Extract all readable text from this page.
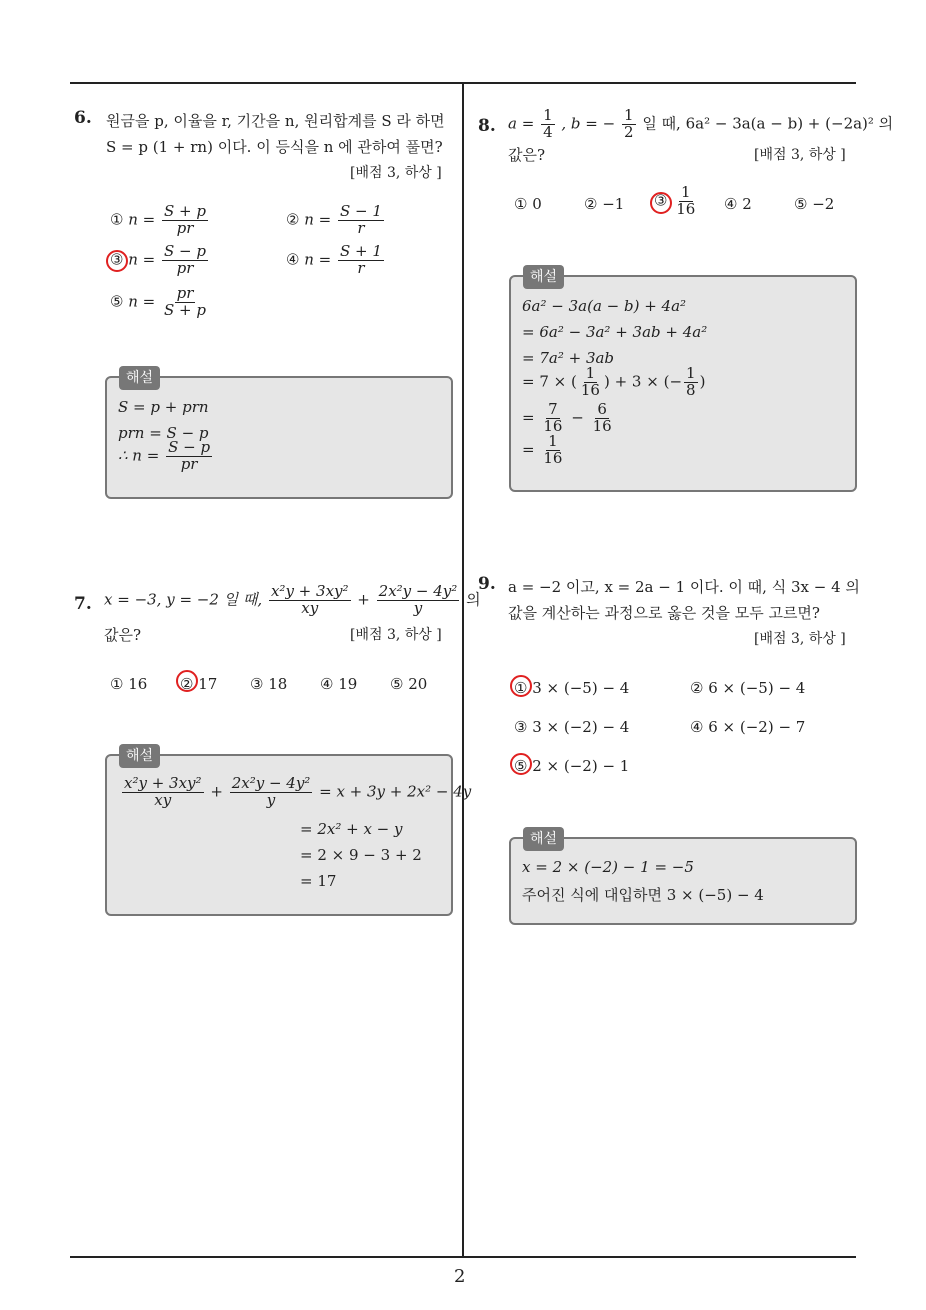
2
6. 원금을 p, 이율을 r, 기간을 n, 원리합계를 S 라 하면
S = p (1 + rn) 이다. 이 등식을 n 에 관하여 풀면?
[배점 3, 하상 ]
① $n = \frac{S + p}{pr}$	② $n = \frac{S - 1}{r}$
③ $n = \frac{S - p}{pr}$	④ $n = \frac{S + 1}{r}$
⑤ $n = \frac{pr}{S + p}$
해설
S = p + prn
prn = S − p
∴ $n = \frac{S - p}{pr}$
7. x = −3, y = −2 일 때, $\frac{\text{x²y + 3xy²}}{xy} + \frac{\text{2x²y − 4y²}}{y}$ 의
값은?	[배점 3, 하상 ]
① 16 ② 17 ③ 18 ④ 19 ⑤ 20
해설
$\frac{\text{x²y + 3xy²}}{xy} + \frac{\text{2x²y − 4y²}}{y} = x + 3y + 2x^2 - 4y$
= 2x² + x − y
= 2 × 9 − 3 + 2
= 17
8. $a = \frac{1}{4}$ , b = − $\frac{1}{2}$ 일 때, 6a² − 3a(a − b) + (−2a)² 의
값은?	[배점 3, 하상 ]
① 0	② −1 ③ $\frac{1}{16}$ ④ 2	⑤ −2
해설
6a² − 3a(a − b) + 4a²
= 6a² − 3a² + 3ab + 4a²
= 7a² + 3ab
= 7 × ( $\frac{1}{16}$ ) + 3 × (− $\frac{1}{8}$ )
= $\frac{7}{16} - \frac{6}{16}$
= $\frac{1}{16}$
9. a = −2 이고, x = 2a − 1 이다. 이 때, 식 3x − 4 의
값을 계산하는 과정으로 옳은 것을 모두 고르면?
[배점 3, 하상 ]
① 3 × (−5) − 4	② 6 × (−5) − 4
③ 3 × (−2) − 4	④ 6 × (−2) − 7
⑤ 2 × (−2) − 1
해설
x = 2 × (−2) − 1 = −5
주어진 식에 대입하면 3 × (−5) − 4
